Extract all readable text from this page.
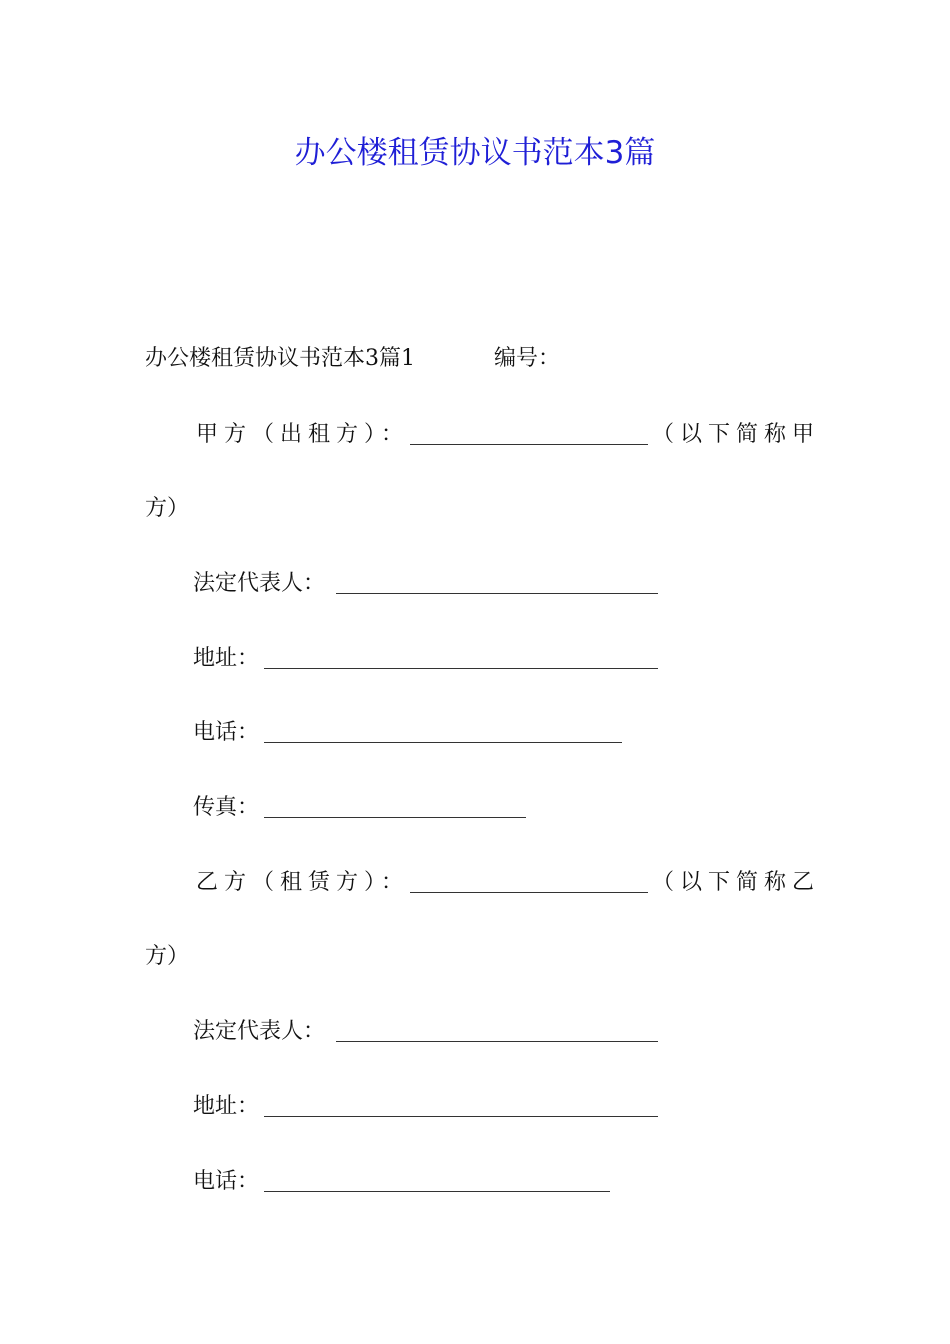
办公楼租赁协议书范本3篇
办公楼租赁协议书范本3篇1	编号：
甲方（出租方）：	（以下简称甲
方）
法定代表人：
地址：
电话：
传真：
乙方（租赁方）：	（以下简称乙
方）
法定代表人：
地址：
电话：
